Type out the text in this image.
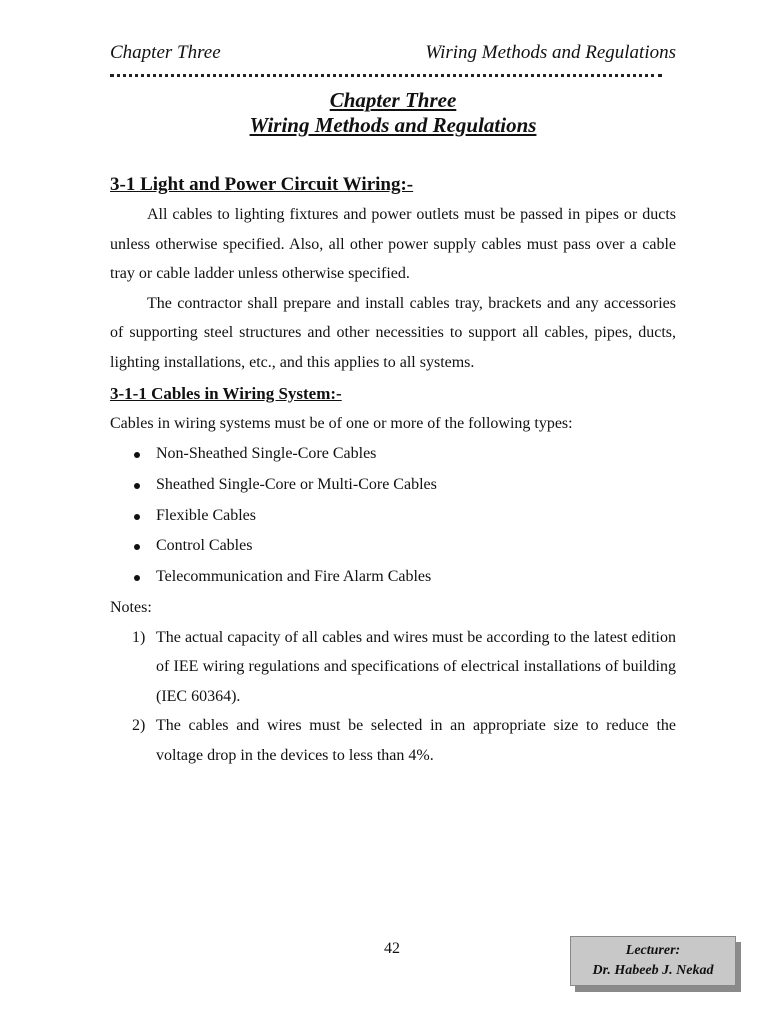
Chapter Three	Wiring Methods and Regulations
Chapter Three
Wiring Methods and Regulations
3-1 Light and Power Circuit Wiring:-

All cables to lighting fixtures and power outlets must be passed in pipes or ducts unless otherwise specified. Also, all other power supply cables must pass over a cable tray or cable ladder unless otherwise specified.

The contractor shall prepare and install cables tray, brackets and any accessories of supporting steel structures and other necessities to support all cables, pipes, ducts, lighting installations, etc., and this applies to all systems.

3-1-1 Cables in Wiring System:-

Cables in wiring systems must be of one or more of the following types:

Non-Sheathed Single-Core Cables
Sheathed Single-Core or Multi-Core Cables
Flexible Cables
Control Cables
Telecommunication and Fire Alarm Cables

Notes:

1) The actual capacity of all cables and wires must be according to the latest edition of IEE wiring regulations and specifications of electrical installations of building (IEC 60364).
2) The cables and wires must be selected in an appropriate size to reduce the voltage drop in the devices to less than 4%.
42	Lecturer:
Dr. Habeeb J. Nekad
